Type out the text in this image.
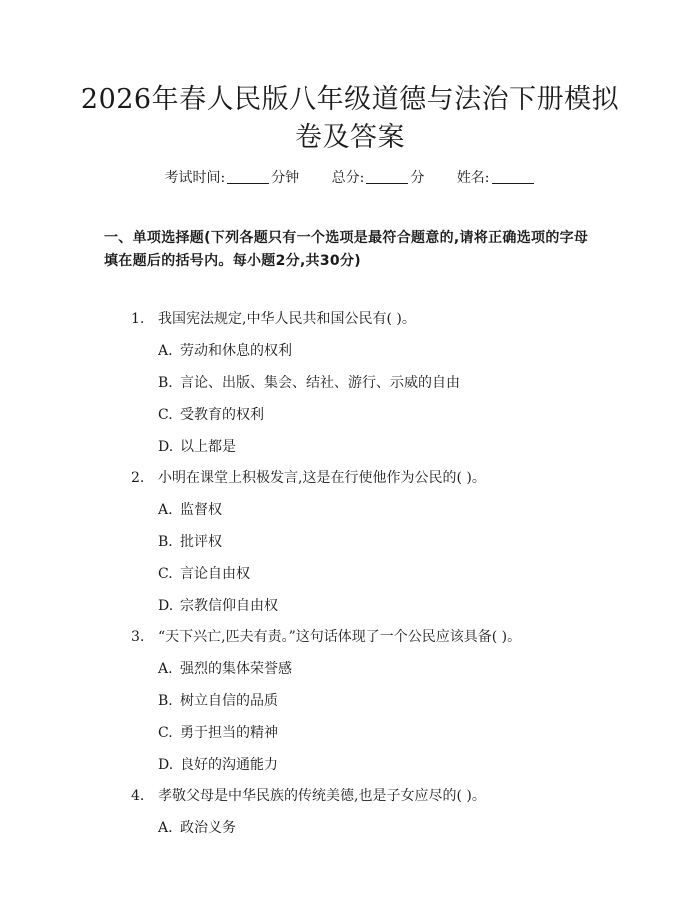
2026年春人民版八年级道德与法治下册模拟
卷及答案
考试时间:	分钟 总分:	分 姓名:
一、单项选择题(下列各题只有一个选项是最符合题意的,请将正确选项的字母
填在题后的括号内。每小题2分,共30分)
1. 我国宪法规定,中华人民共和国公民有( )。
A. 劳动和休息的权利
B. 言论、出版、集会、结社、游行、示威的自由
C. 受教育的权利
D. 以上都是
2. 小明在课堂上积极发言,这是在行使他作为公民的( )。
A. 监督权
B. 批评权
C. 言论自由权
D. 宗教信仰自由权
3. “天下兴亡,匹夫有责。”这句话体现了一个公民应该具备( )。
A. 强烈的集体荣誉感
B. 树立自信的品质
C. 勇于担当的精神
D. 良好的沟通能力
4. 孝敬父母是中华民族的传统美德,也是子女应尽的( )。
A. 政治义务
